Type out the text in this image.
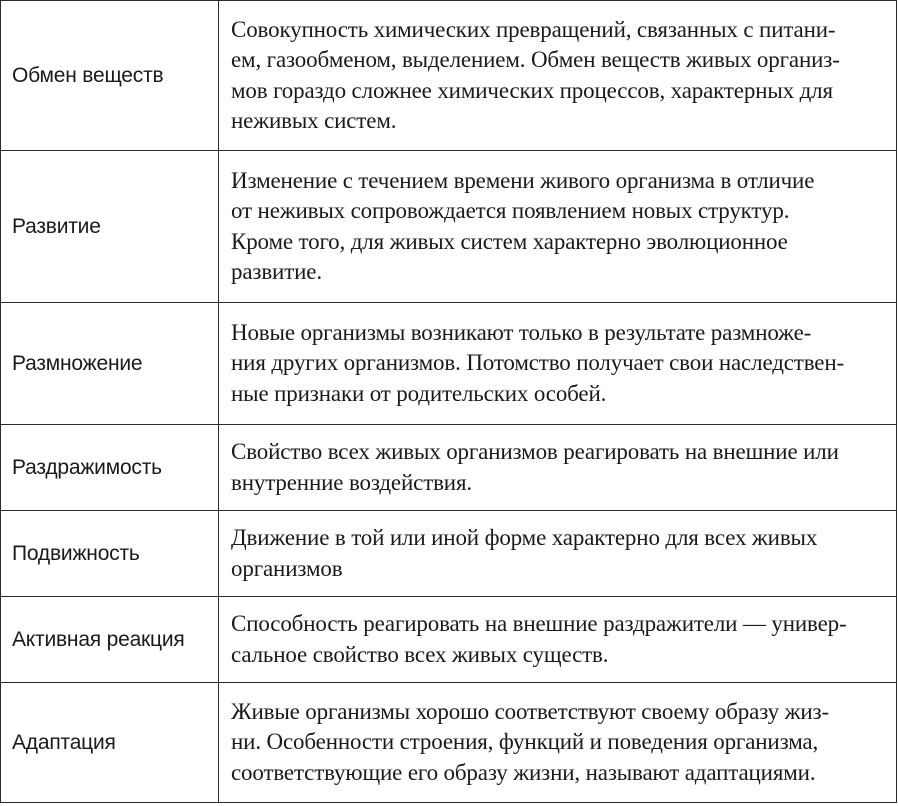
Обмен веществ	Совокупность химических превращений, связанных с питани-
ем, газообменом, выделением. Обмен веществ живых организ-
мов гораздо сложнее химических процессов, характерных для
неживых систем.

Развитие	Изменение с течением времени живого организма в отличие
от неживых сопровождается появлением новых структур.
Кроме того, для живых систем характерно эволюционное
развитие.

Размножение	Новые организмы возникают только в результате размноже-
ния других организмов. Потомство получает свои наследствен-
ные признаки от родительских особей.

Раздражимость	Свойство всех живых организмов реагировать на внешние или
внутренние воздействия.

Подвижность	Движение в той или иной форме характерно для всех живых
организмов

Активная реакция	Способность реагировать на внешние раздражители — универ-
сальное свойство всех живых существ.

Адаптация	Живые организмы хорошо соответствуют своему образу жиз-
ни. Особенности строения, функций и поведения организма,
соответствующие его образу жизни, называют адаптациями.
